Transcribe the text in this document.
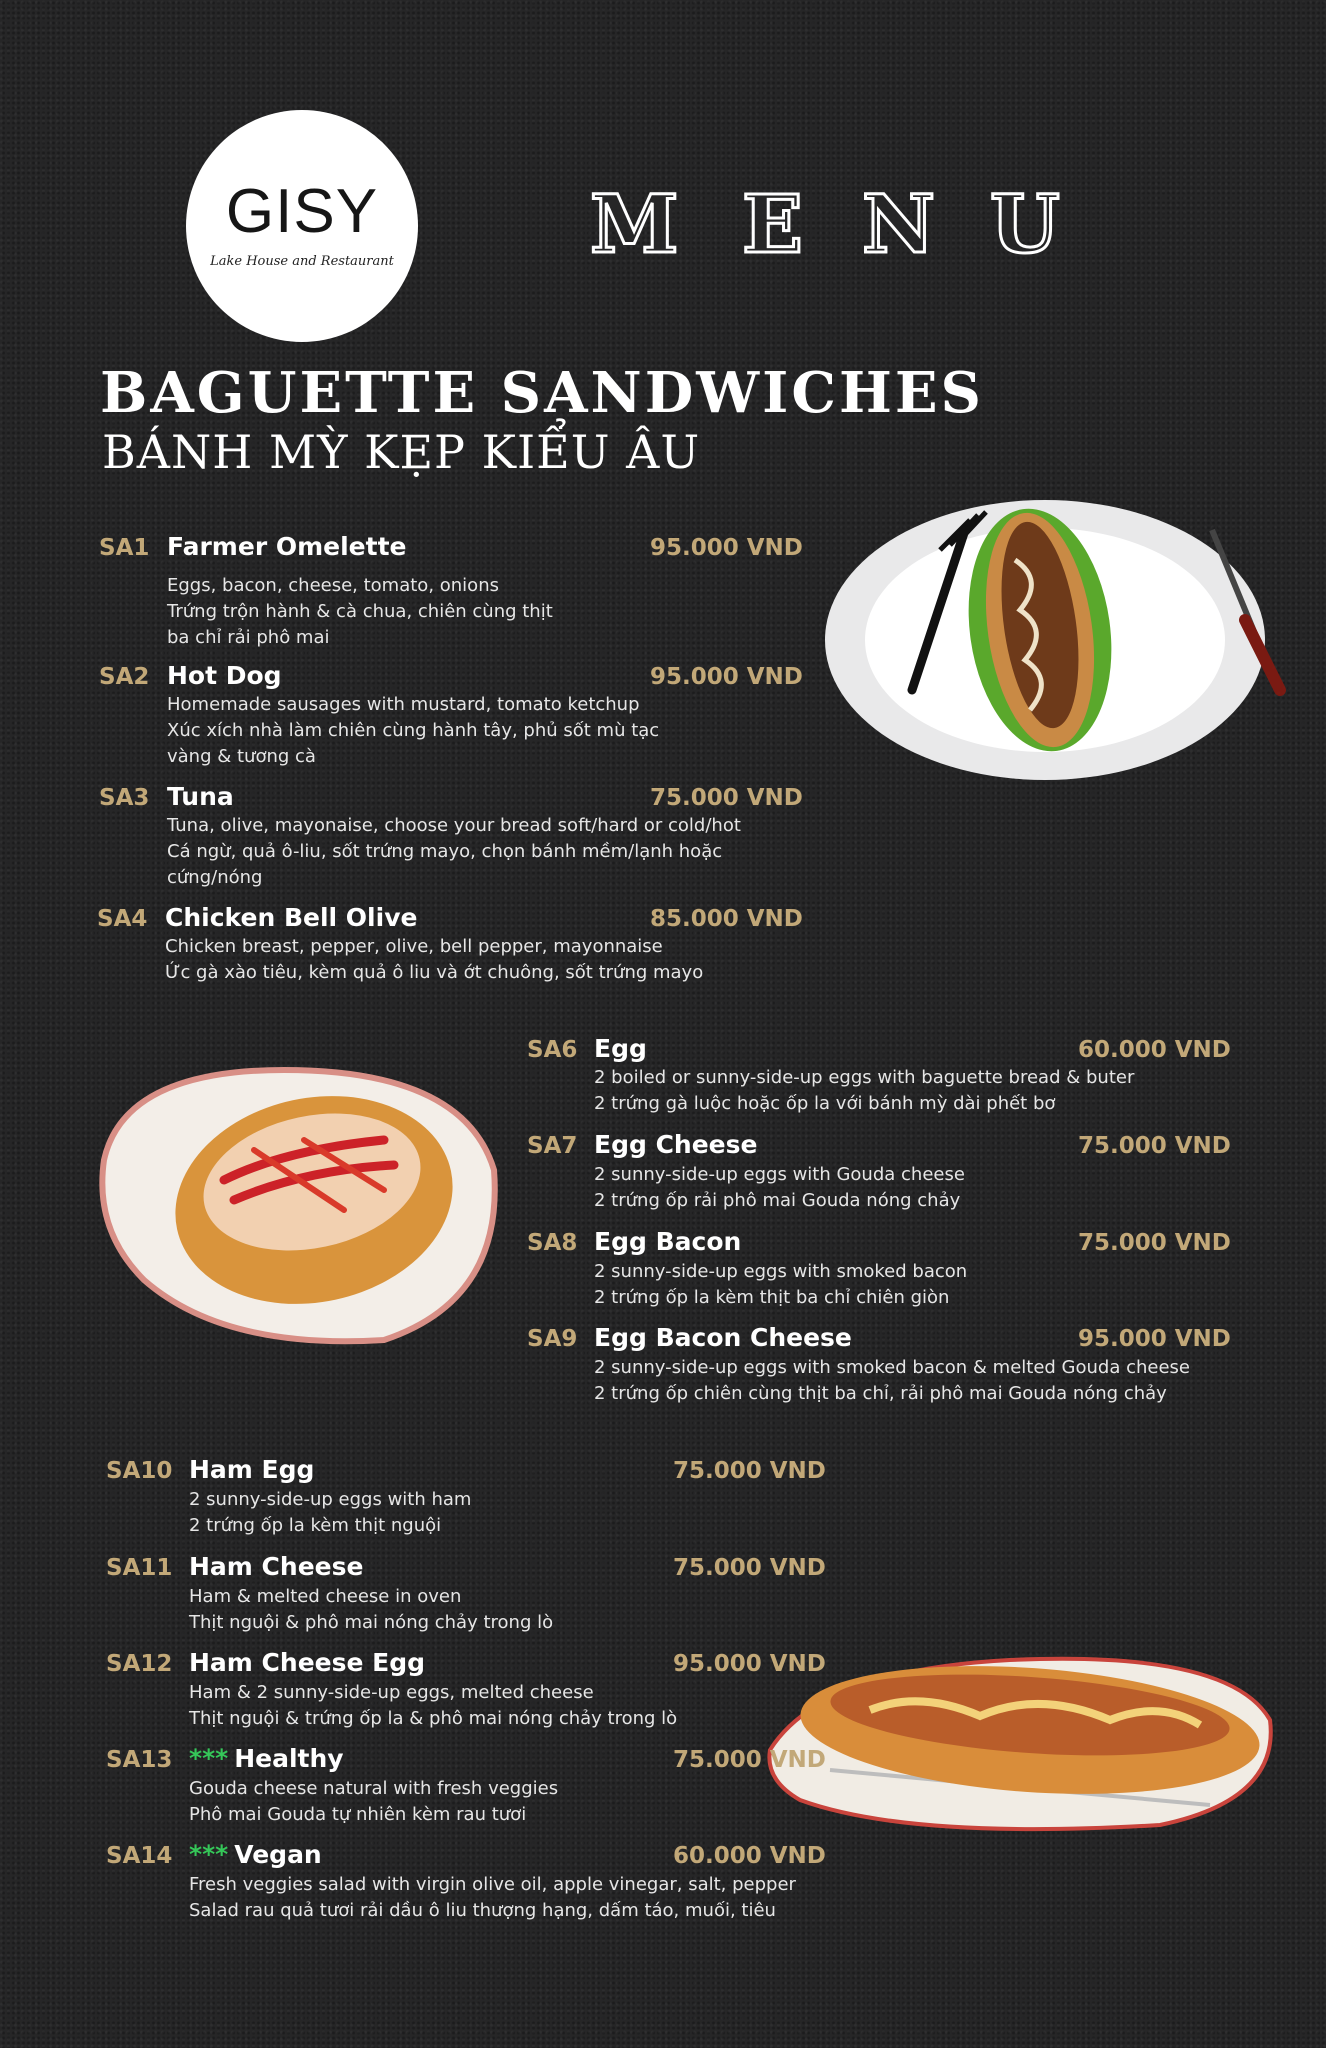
GISY
Lake House and Restaurant	M E N U
BAGUETTE SANDWICHES
BÁNH MỲ KẸP KIỂU ÂU
SA1 Farmer Omelette	95.000 VND
Eggs, bacon, cheese, tomato, onions
Trứng trộn hành & cà chua, chiên cùng thịt
ba chỉ rải phô mai
SA2 Hot Dog	95.000 VND
Homemade sausages with mustard, tomato ketchup
Xúc xích nhà làm chiên cùng hành tây, phủ sốt mù tạc
vàng & tương cà
SA3 Tuna	75.000 VND
Tuna, olive, mayonaise, choose your bread soft/hard or cold/hot
Cá ngừ, quả ô-liu, sốt trứng mayo, chọn bánh mềm/lạnh hoặc
cứng/nóng
SA4 Chicken Bell Olive	85.000 VND
Chicken breast, pepper, olive, bell pepper, mayonnaise
Ức gà xào tiêu, kèm quả ô liu và ớt chuông, sốt trứng mayo
SA6 Egg	60.000 VND
2 boiled or sunny-side-up eggs with baguette bread & buter
2 trứng gà luộc hoặc ốp la với bánh mỳ dài phết bơ
SA7 Egg Cheese	75.000 VND
2 sunny-side-up eggs with Gouda cheese
2 trứng ốp rải phô mai Gouda nóng chảy
SA8 Egg Bacon	75.000 VND
2 sunny-side-up eggs with smoked bacon
2 trứng ốp la kèm thịt ba chỉ chiên giòn
SA9 Egg Bacon Cheese	95.000 VND
2 sunny-side-up eggs with smoked bacon & melted Gouda cheese
2 trứng ốp chiên cùng thịt ba chỉ, rải phô mai Gouda nóng chảy
SA10 Ham Egg	75.000 VND
2 sunny-side-up eggs with ham
2 trứng ốp la kèm thịt nguội
SA11 Ham Cheese	75.000 VND
Ham & melted cheese in oven
Thịt nguội & phô mai nóng chảy trong lò
SA12 Ham Cheese Egg	95.000 VND
Ham & 2 sunny-side-up eggs, melted cheese
Thịt nguội & trứng ốp la & phô mai nóng chảy trong lò
SA13 *** Healthy	75.000 VND
Gouda cheese natural with fresh veggies
Phô mai Gouda tự nhiên kèm rau tươi
SA14 *** Vegan	60.000 VND
Fresh veggies salad with virgin olive oil, apple vinegar, salt, pepper
Salad rau quả tươi rải dầu ô liu thượng hạng, dấm táo, muối, tiêu
